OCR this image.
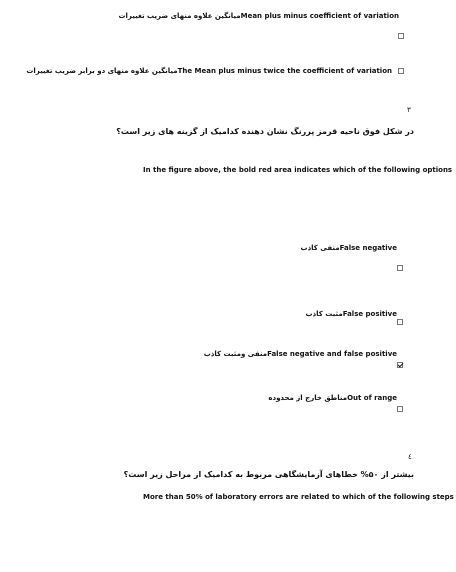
میانگین علاوه منهای ضریب تغییراتMean plus minus coefficient of variation
میانگین علاوه منهای دو برابر ضریب تغییراتThe Mean plus minus twice the coefficient of variation
۳
در شکل فوق ناحیه قرمز پررنگ نشان دهنده کدامیک از گزینه های زیر است؟
In the figure above, the bold red area indicates which of the following options
منفی کاذبFalse negative
مثبت کاذبFalse positive
منفی ومثبت کاذبFalse negative and false positive
مناطق خارج از محدودهOut of range
٤
بیشتر از ۵۰% خطاهای آزمایشگاهی مربوط به کدامیک از مراحل زیر است؟
More than 50% of laboratory errors are related to which of the following steps
